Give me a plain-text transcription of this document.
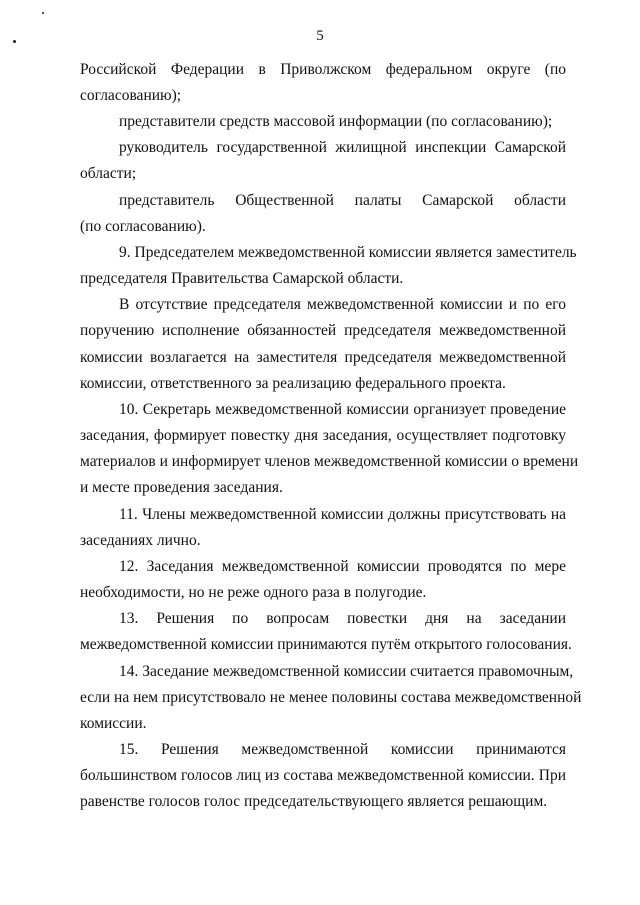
5
Российской Федерации в Приволжском федеральном округе (по
согласованию);
представители средств массовой информации (по согласованию);
руководитель государственной жилищной инспекции Самарской
области;
представитель Общественной палаты Самарской области
(по согласованию).
9. Председателем межведомственной комиссии является заместитель
председателя Правительства Самарской области.
В отсутствие председателя межведомственной комиссии и по его
поручению исполнение обязанностей председателя межведомственной
комиссии возлагается на заместителя председателя межведомственной
комиссии, ответственного за реализацию федерального проекта.
10. Секретарь межведомственной комиссии организует проведение
заседания, формирует повестку дня заседания, осуществляет подготовку
материалов и информирует членов межведомственной комиссии о времени
и месте проведения заседания.
11. Члены межведомственной комиссии должны присутствовать на
заседаниях лично.
12. Заседания межведомственной комиссии проводятся по мере
необходимости, но не реже одного раза в полугодие.
13. Решения по вопросам повестки дня на заседании
межведомственной комиссии принимаются путём открытого голосования.
14. Заседание межведомственной комиссии считается правомочным,
если на нем присутствовало не менее половины состава межведомственной
комиссии.
15. Решения межведомственной комиссии принимаются
большинством голосов лиц из состава межведомственной комиссии. При
равенстве голосов голос председательствующего является решающим.
